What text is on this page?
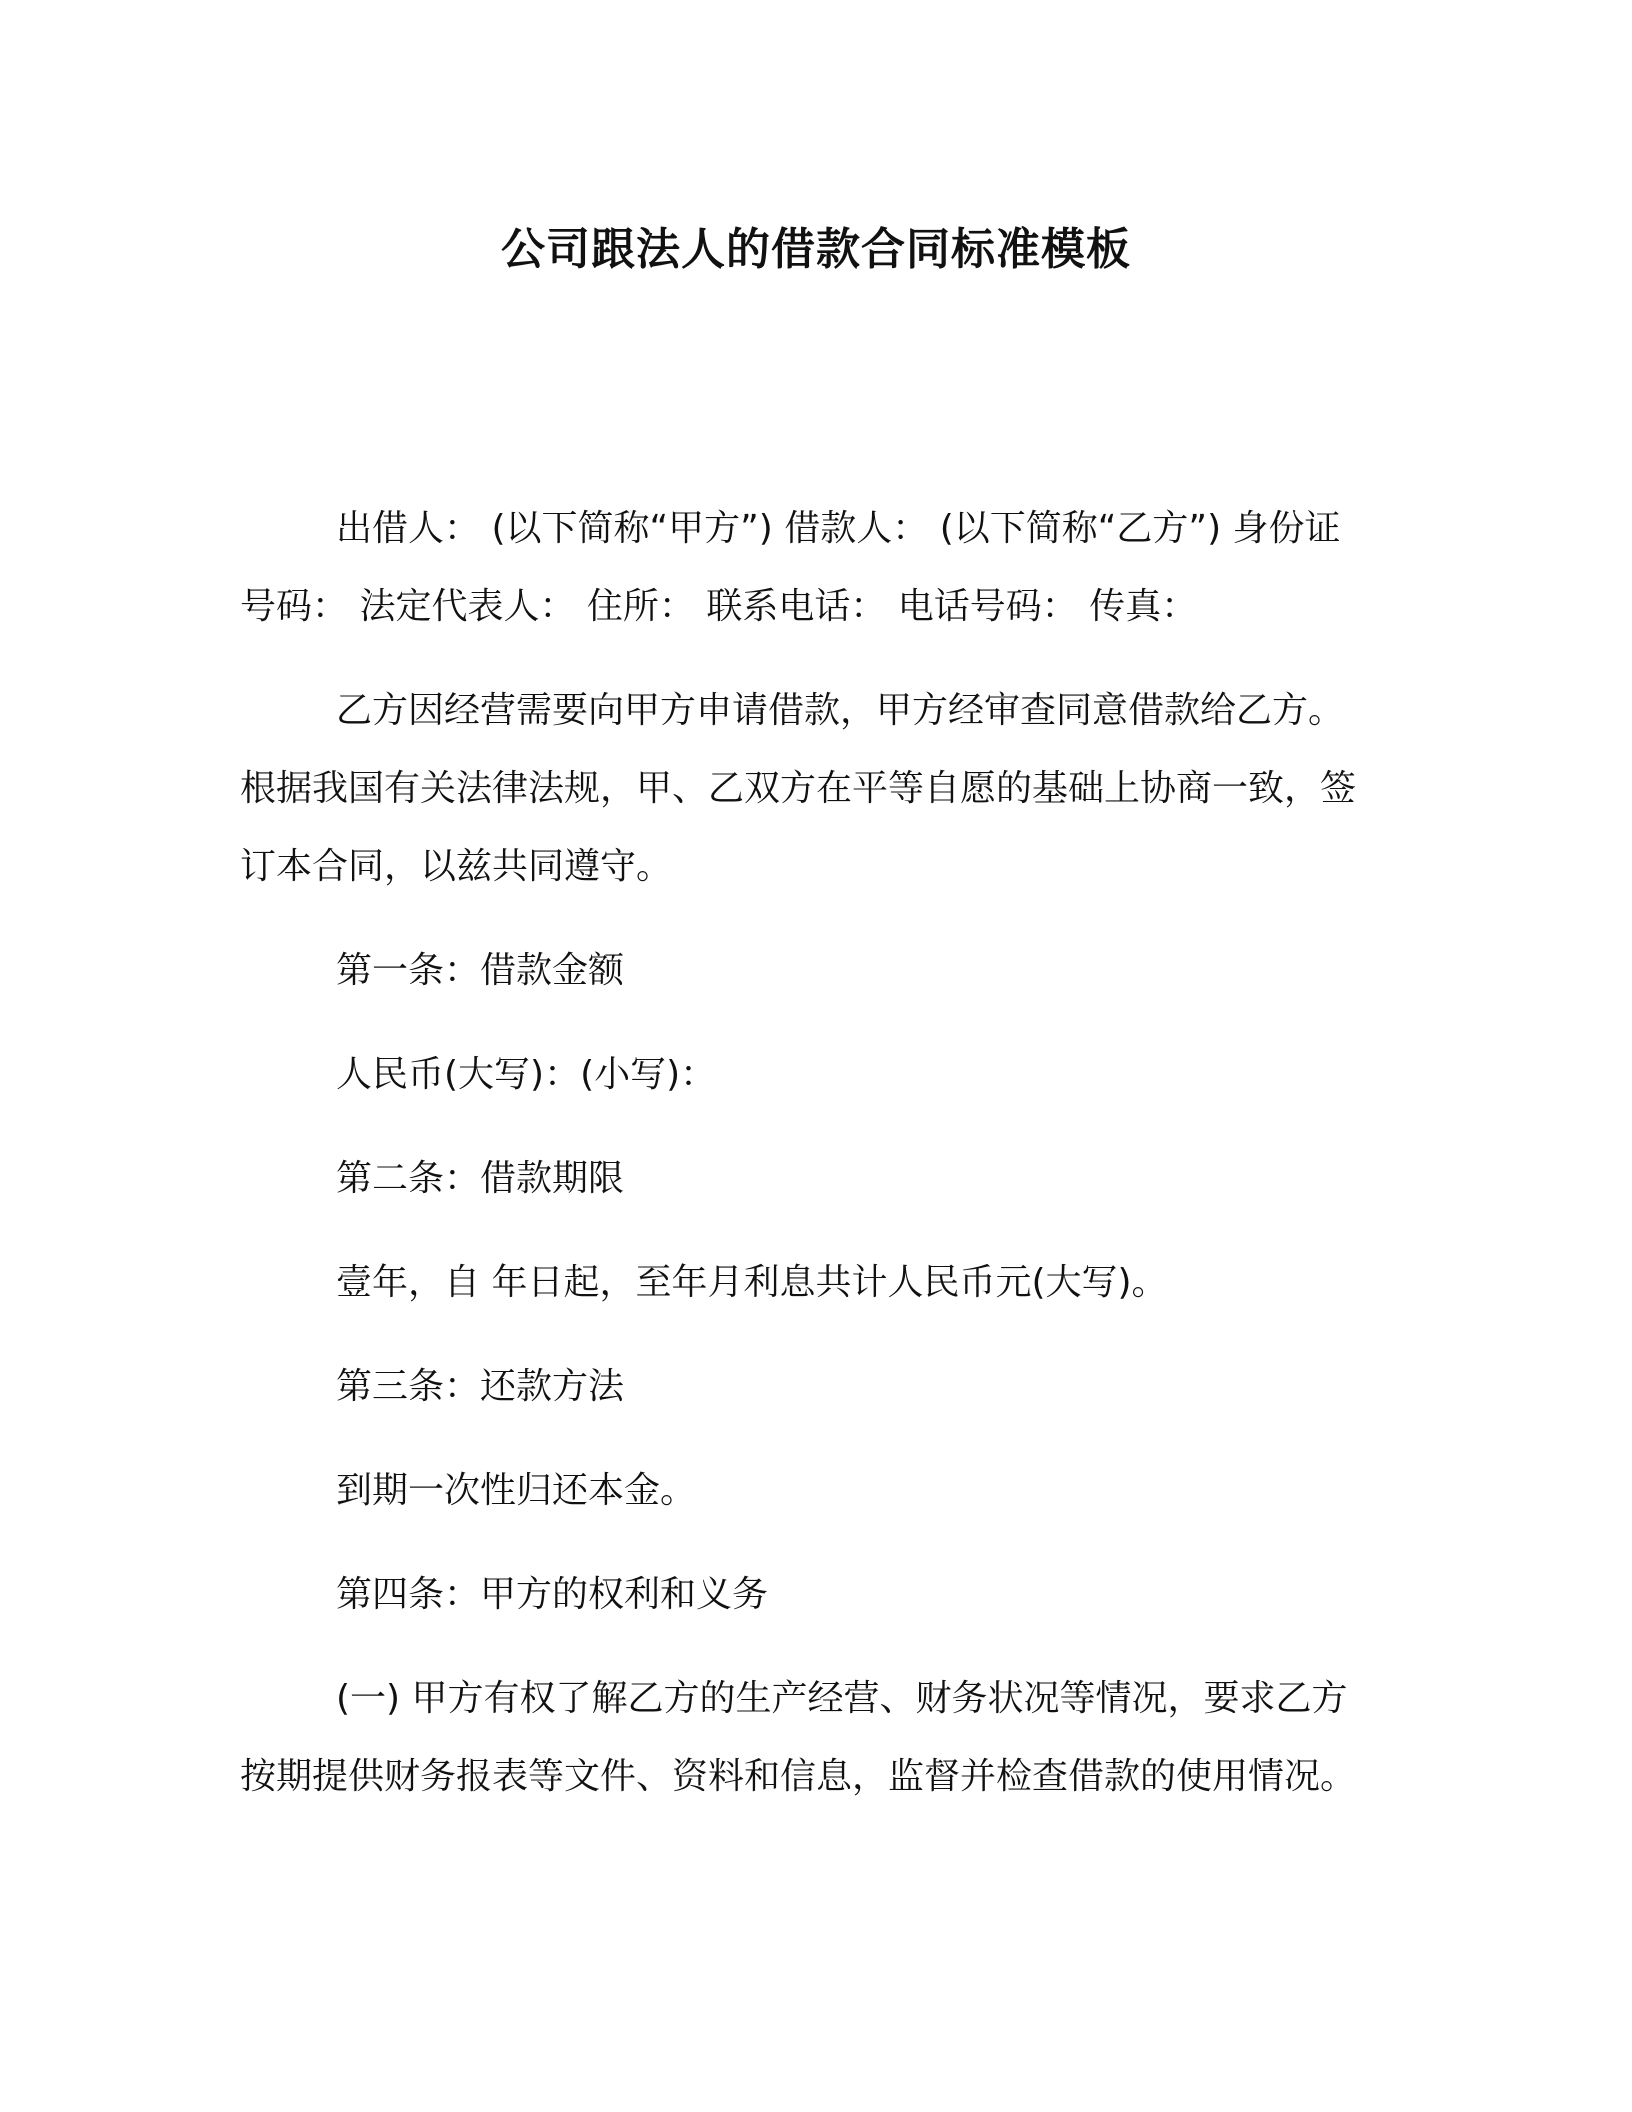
公司跟法人的借款合同标准模板

出借人： (以下简称“甲方”) 借款人： (以下简称“乙方”) 身份证号码： 法定代表人： 住所： 联系电话： 电话号码： 传真：

乙方因经营需要向甲方申请借款，甲方经审查同意借款给乙方。根据我国有关法律法规，甲、乙双方在平等自愿的基础上协商一致，签订本合同，以兹共同遵守。

第一条：借款金额

人民币(大写)：(小写)：

第二条：借款期限

壹年，自 年日起，至年月利息共计人民币元(大写)。

第三条：还款方法

到期一次性归还本金。

第四条：甲方的权利和义务

(一) 甲方有权了解乙方的生产经营、财务状况等情况，要求乙方按期提供财务报表等文件、资料和信息，监督并检查借款的使用情况。
